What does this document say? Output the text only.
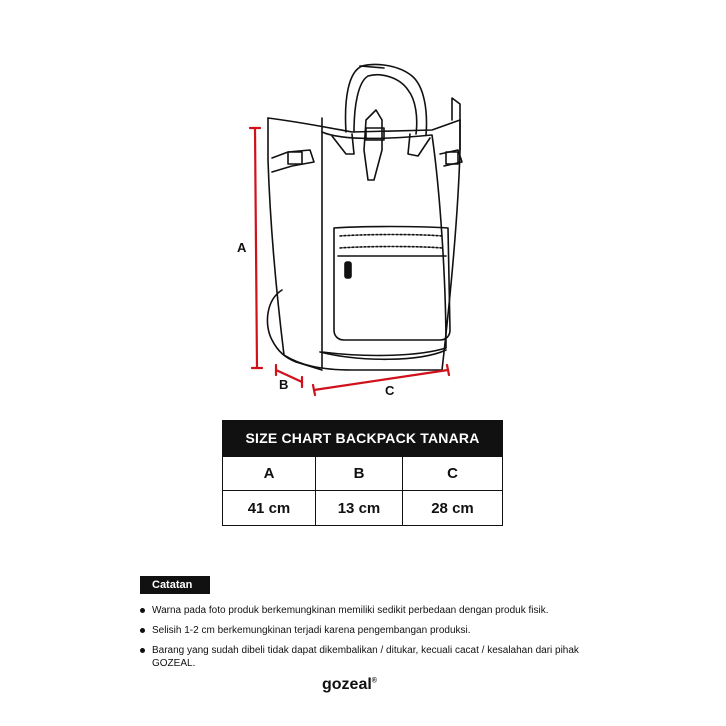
A
B	C
SIZE CHART BACKPACK TANARA
A	B	C
41 cm	13 cm	28 cm
Catatan
Warna pada foto produk berkemungkinan memiliki sedikit perbedaan dengan produk fisik.
Selisih 1-2 cm berkemungkinan terjadi karena pengembangan produksi.
Barang yang sudah dibeli tidak dapat dikembalikan / ditukar, kecuali cacat / kesalahan dari pihak GOZEAL.
gozeal®
